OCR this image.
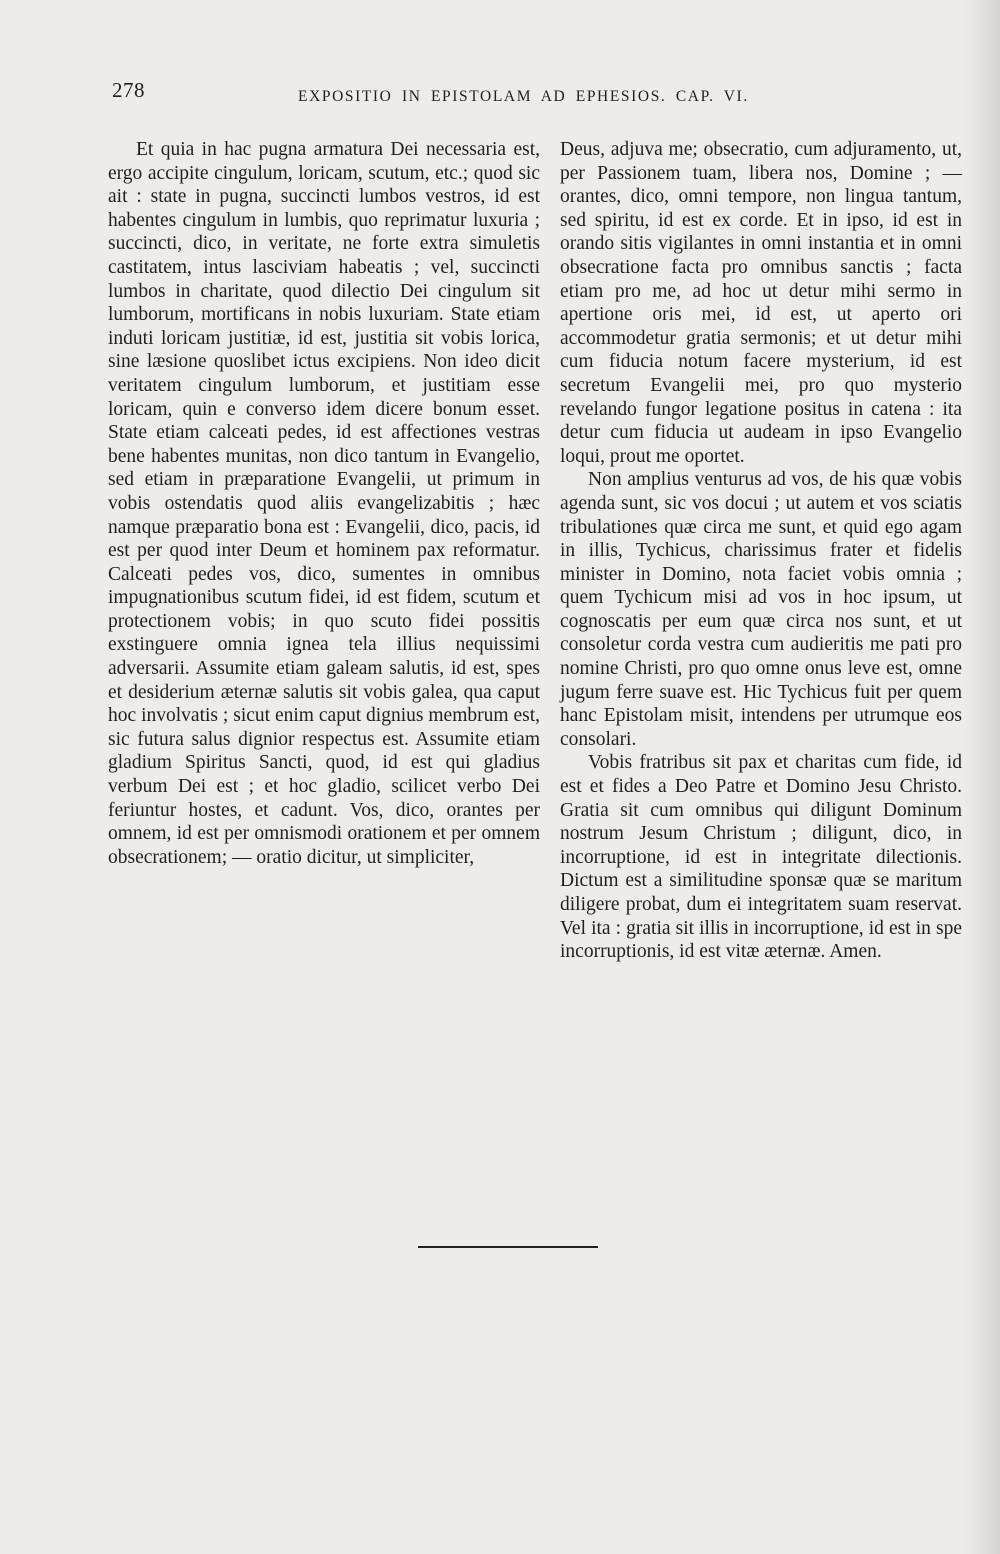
278	EXPOSITIO IN EPISTOLAM AD EPHESIOS. CAP. VI.

Et quia in hac pugna armatura Dei necessaria est, ergo accipite cingulum, loricam, scutum, etc.; quod sic ait : state in pugna, succincti lumbos vestros, id est habentes cingulum in lumbis, quo reprimatur luxuria ; succincti, dico, in veritate, ne forte extra simuletis castitatem, intus lasciviam habeatis ; vel, succincti lumbos in charitate, quod dilectio Dei cingulum sit lumborum, mortificans in nobis luxuriam. State etiam induti loricam justitiæ, id est, justitia sit vobis lorica, sine læsione quoslibet ictus excipiens. Non ideo dicit veritatem cingulum lumborum, et justitiam esse loricam, quin e converso idem dicere bonum esset. State etiam calceati pedes, id est affectiones vestras bene habentes munitas, non dico tantum in Evangelio, sed etiam in præparatione Evangelii, ut primum in vobis ostendatis quod aliis evangelizabitis ; hæc namque præparatio bona est : Evangelii, dico, pacis, id est per quod inter Deum et hominem pax reformatur. Calceati pedes vos, dico, sumentes in omnibus impugnationibus scutum fidei, id est fidem, scutum et protectionem vobis; in quo scuto fidei possitis exstinguere omnia ignea tela illius nequissimi adversarii. Assumite etiam galeam salutis, id est, spes et desiderium æternæ salutis sit vobis galea, qua caput hoc involvatis ; sicut enim caput dignius membrum est, sic futura salus dignior respectus est. Assumite etiam gladium Spiritus Sancti, quod, id est qui gladius verbum Dei est ; et hoc gladio, scilicet verbo Dei feriuntur hostes, et cadunt. Vos, dico, orantes per omnem, id est per omnismodi orationem et per omnem obsecrationem; — oratio dicitur, ut simpliciter,

Deus, adjuva me; obsecratio, cum adjuramento, ut, per Passionem tuam, libera nos, Domine ; — orantes, dico, omni tempore, non lingua tantum, sed spiritu, id est ex corde. Et in ipso, id est in orando sitis vigilantes in omni instantia et in omni obsecratione facta pro omnibus sanctis ; facta etiam pro me, ad hoc ut detur mihi sermo in apertione oris mei, id est, ut aperto ori accommodetur gratia sermonis; et ut detur mihi cum fiducia notum facere mysterium, id est secretum Evangelii mei, pro quo mysterio revelando fungor legatione positus in catena : ita detur cum fiducia ut audeam in ipso Evangelio loqui, prout me oportet.

Non amplius venturus ad vos, de his quæ vobis agenda sunt, sic vos docui ; ut autem et vos sciatis tribulationes quæ circa me sunt, et quid ego agam in illis, Tychicus, charissimus frater et fidelis minister in Domino, nota faciet vobis omnia ; quem Tychicum misi ad vos in hoc ipsum, ut cognoscatis per eum quæ circa nos sunt, et ut consoletur corda vestra cum audieritis me pati pro nomine Christi, pro quo omne onus leve est, omne jugum ferre suave est. Hic Tychicus fuit per quem hanc Epistolam misit, intendens per utrumque eos consolari.

Vobis fratribus sit pax et charitas cum fide, id est et fides a Deo Patre et Domino Jesu Christo. Gratia sit cum omnibus qui diligunt Dominum nostrum Jesum Christum ; diligunt, dico, in incorruptione, id est in integritate dilectionis. Dictum est a similitudine sponsæ quæ se maritum diligere probat, dum ei integritatem suam reservat. Vel ita : gratia sit illis in incorruptione, id est in spe incorruptionis, id est vitæ æternæ. Amen.
